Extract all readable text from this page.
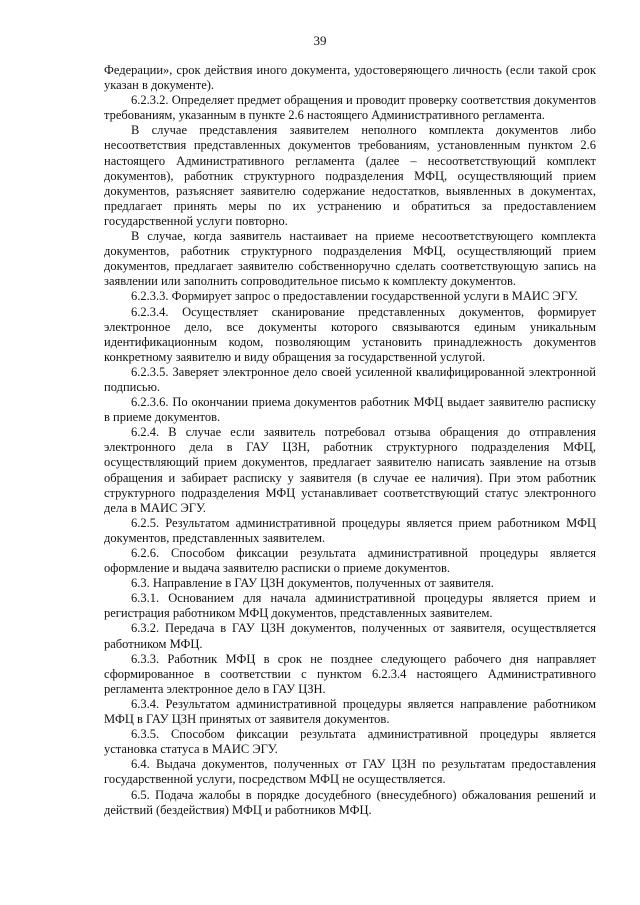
39

Федерации», срок действия иного документа, удостоверяющего личность (если такой срок указан в документе).

6.2.3.2. Определяет предмет обращения и проводит проверку соответствия документов требованиям, указанным в пункте 2.6 настоящего Административного регламента.

В случае представления заявителем неполного комплекта документов либо несоответствия представленных документов требованиям, установленным пунктом 2.6 настоящего Административного регламента (далее – несоответствующий комплект документов), работник структурного подразделения МФЦ, осуществляющий прием документов, разъясняет заявителю содержание недостатков, выявленных в документах, предлагает принять меры по их устранению и обратиться за предоставлением государственной услуги повторно.

В случае, когда заявитель настаивает на приеме несоответствующего комплекта документов, работник структурного подразделения МФЦ, осуществляющий прием документов, предлагает заявителю собственноручно сделать соответствующую запись на заявлении или заполнить сопроводительное письмо к комплекту документов.

6.2.3.3. Формирует запрос о предоставлении государственной услуги в МАИС ЭГУ.

6.2.3.4. Осуществляет сканирование представленных документов, формирует электронное дело, все документы которого связываются единым уникальным идентификационным кодом, позволяющим установить принадлежность документов конкретному заявителю и виду обращения за государственной услугой.

6.2.3.5. Заверяет электронное дело своей усиленной квалифицированной электронной подписью.

6.2.3.6. По окончании приема документов работник МФЦ выдает заявителю расписку в приеме документов.

6.2.4. В случае если заявитель потребовал отзыва обращения до отправления электронного дела в ГАУ ЦЗН, работник структурного подразделения МФЦ, осуществляющий прием документов, предлагает заявителю написать заявление на отзыв обращения и забирает расписку у заявителя (в случае ее наличия). При этом работник структурного подразделения МФЦ устанавливает соответствующий статус электронного дела в МАИС ЭГУ.

6.2.5. Результатом административной процедуры является прием работником МФЦ документов, представленных заявителем.

6.2.6. Способом фиксации результата административной процедуры является оформление и выдача заявителю расписки о приеме документов.

6.3. Направление в ГАУ ЦЗН документов, полученных от заявителя.

6.3.1. Основанием для начала административной процедуры является прием и регистрация работником МФЦ документов, представленных заявителем.

6.3.2. Передача в ГАУ ЦЗН документов, полученных от заявителя, осуществляется работником МФЦ.

6.3.3. Работник МФЦ в срок не позднее следующего рабочего дня направляет сформированное в соответствии с пунктом 6.2.3.4 настоящего Административного регламента электронное дело в ГАУ ЦЗН.

6.3.4. Результатом административной процедуры является направление работником МФЦ в ГАУ ЦЗН принятых от заявителя документов.

6.3.5. Способом фиксации результата административной процедуры является установка статуса в МАИС ЭГУ.

6.4. Выдача документов, полученных от ГАУ ЦЗН по результатам предоставления государственной услуги, посредством МФЦ не осуществляется.

6.5. Подача жалобы в порядке досудебного (внесудебного) обжалования решений и действий (бездействия) МФЦ и работников МФЦ.
